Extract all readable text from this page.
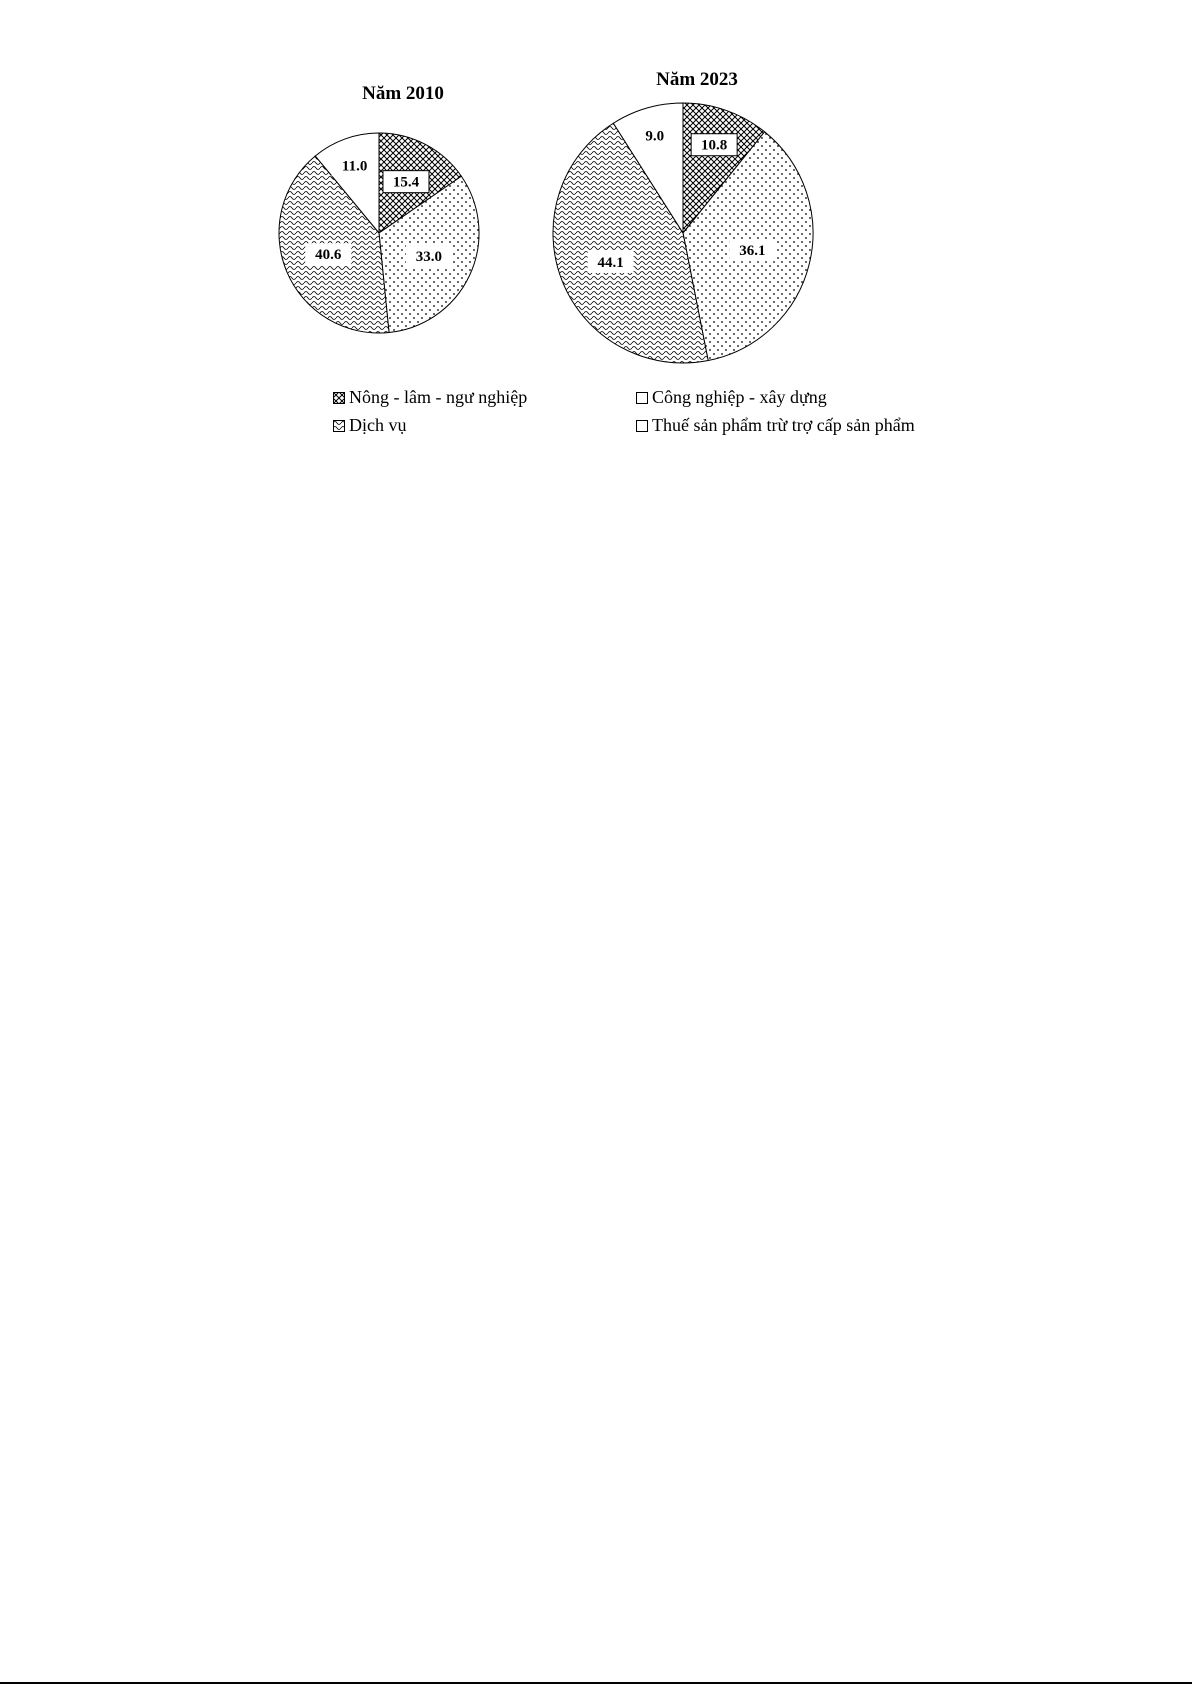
Năm 2010
15.4
33.0
40.6
11.0
Năm 2023
10.8
36.1
44.1
9.0
Nông - lâm - ngư nghiệp	Công nghiệp - xây dựng
Dịch vụ	Thuế sản phẩm trừ trợ cấp sản phẩm
